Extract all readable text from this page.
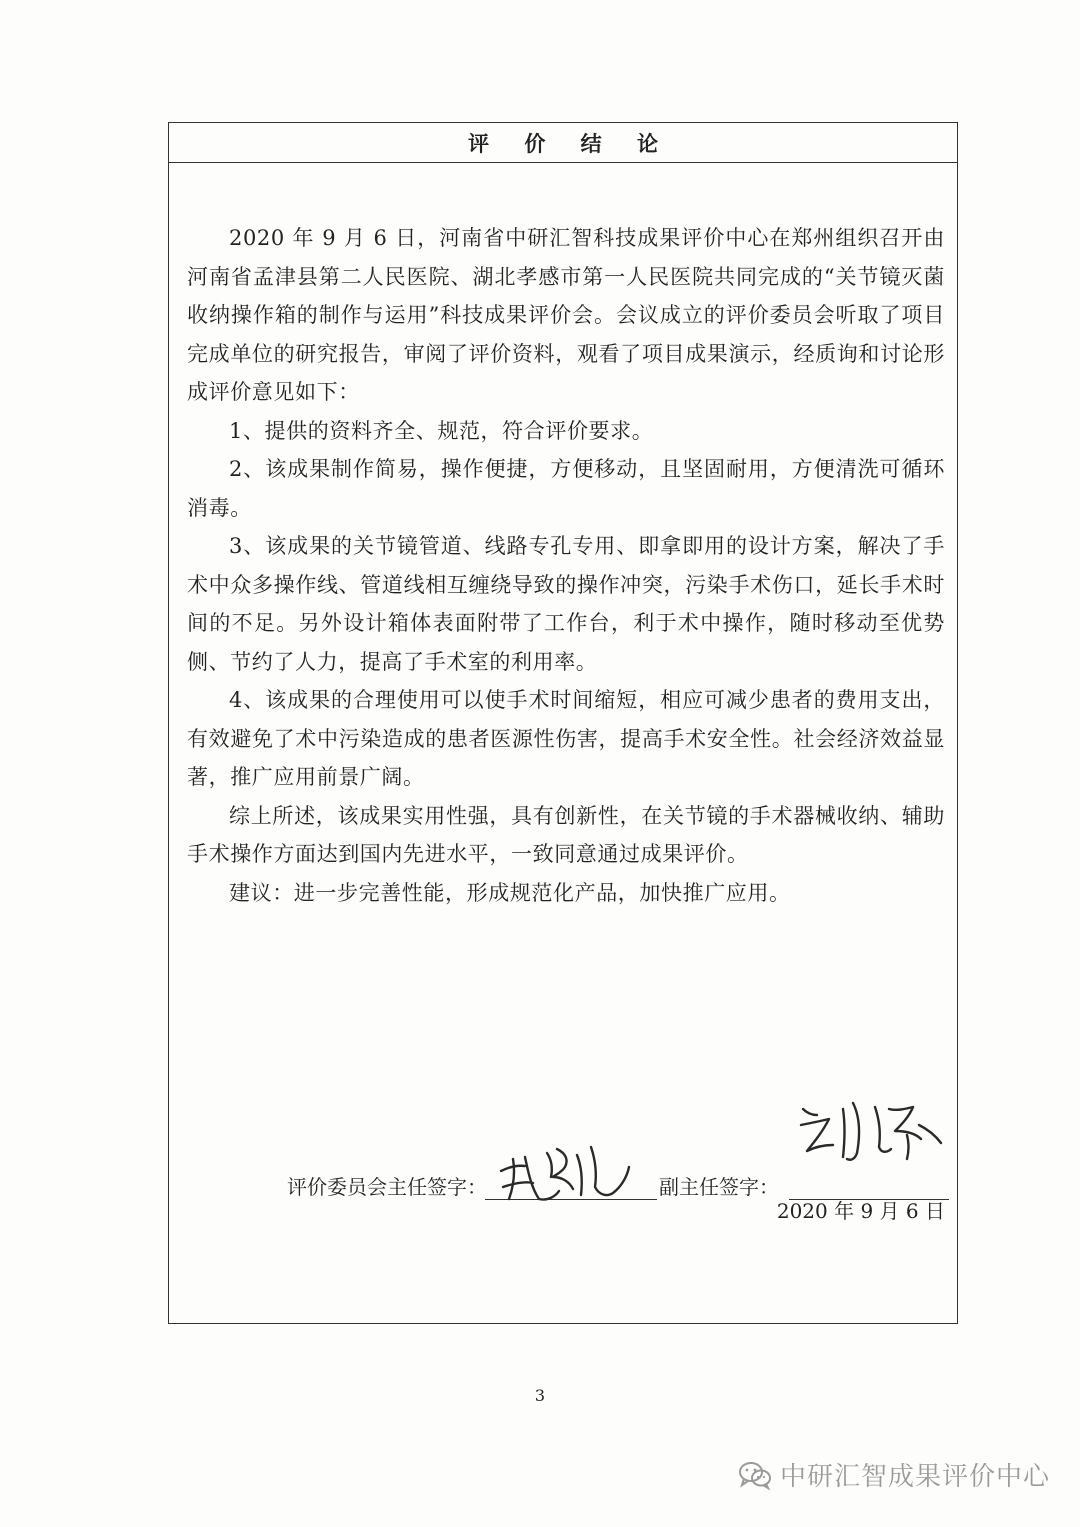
评 价 结 论

2020 年 9 月 6 日，河南省中研汇智科技成果评价中心在郑州组织召开由河南省孟津县第二人民医院、湖北孝感市第一人民医院共同完成的“关节镜灭菌收纳操作箱的制作与运用”科技成果评价会。会议成立的评价委员会听取了项目完成单位的研究报告，审阅了评价资料，观看了项目成果演示，经质询和讨论形成评价意见如下：

1、提供的资料齐全、规范，符合评价要求。

2、该成果制作简易，操作便捷，方便移动，且坚固耐用，方便清洗可循环消毒。

3、该成果的关节镜管道、线路专孔专用、即拿即用的设计方案，解决了手术中众多操作线、管道线相互缠绕导致的操作冲突，污染手术伤口，延长手术时间的不足。另外设计箱体表面附带了工作台，利于术中操作，随时移动至优势侧、节约了人力，提高了手术室的利用率。

4、该成果的合理使用可以使手术时间缩短，相应可减少患者的费用支出，有效避免了术中污染造成的患者医源性伤害，提高手术安全性。社会经济效益显著，推广应用前景广阔。

综上所述，该成果实用性强，具有创新性，在关节镜的手术器械收纳、辅助手术操作方面达到国内先进水平，一致同意通过成果评价。

建议：进一步完善性能，形成规范化产品，加快推广应用。

评价委员会主任签字：	副主任签字：
2020 年 9 月 6 日
3
中研汇智成果评价中心
